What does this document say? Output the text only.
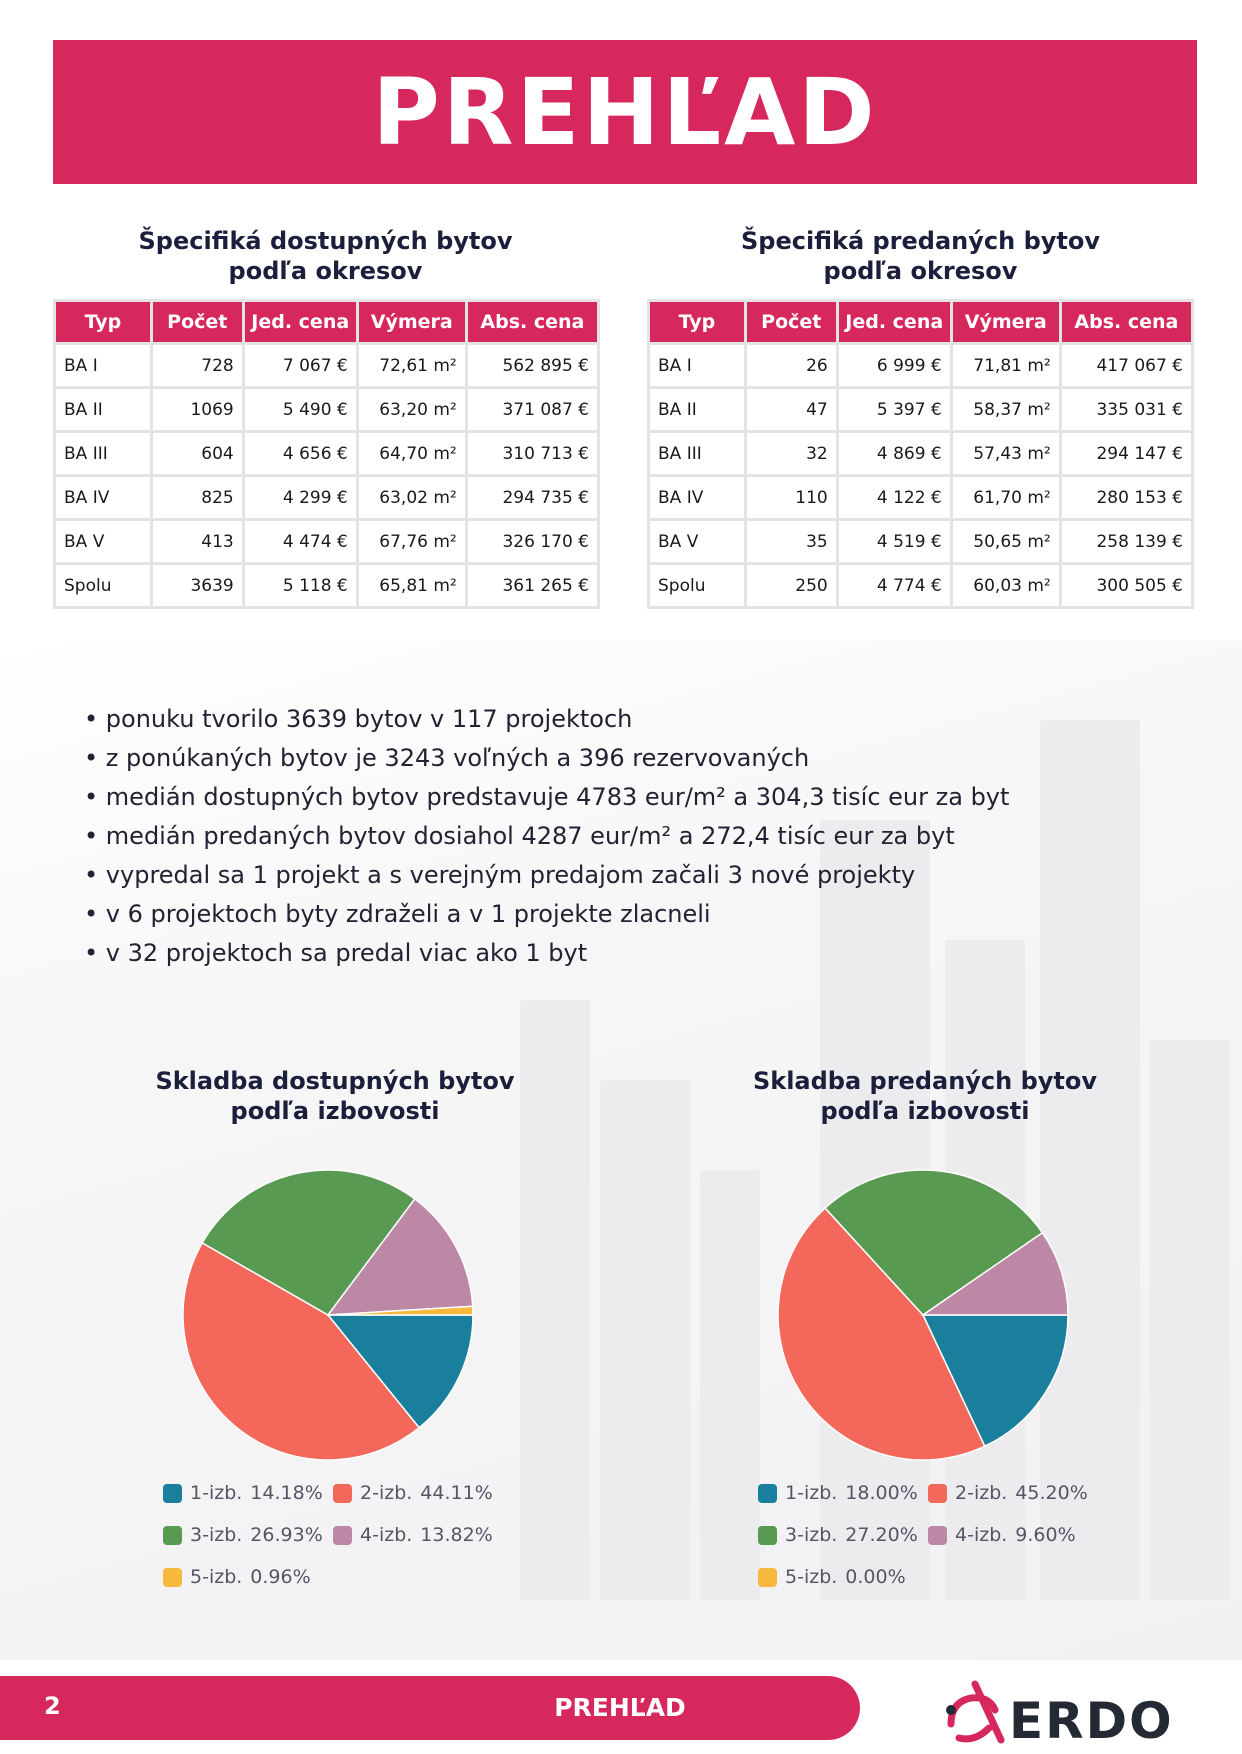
PREHĽAD
Špecifiká dostupných bytov
podľa okresov
Typ	Počet	Jed. cena	Výmera	Abs. cena
BA I	728	7 067 €	72,61 m²	562 895 €
BA II	1069	5 490 €	63,20 m²	371 087 €
BA III	604	4 656 €	64,70 m²	310 713 €
BA IV	825	4 299 €	63,02 m²	294 735 €
BA V	413	4 474 €	67,76 m²	326 170 €
Spolu	3639	5 118 €	65,81 m²	361 265 €
Špecifiká predaných bytov
podľa okresov
Typ	Počet	Jed. cena	Výmera	Abs. cena
BA I	26	6 999 €	71,81 m²	417 067 €
BA II	47	5 397 €	58,37 m²	335 031 €
BA III	32	4 869 €	57,43 m²	294 147 €
BA IV	110	4 122 €	61,70 m²	280 153 €
BA V	35	4 519 €	50,65 m²	258 139 €
Spolu	250	4 774 €	60,03 m²	300 505 €
• ponuku tvorilo 3639 bytov v 117 projektoch
• z ponúkaných bytov je 3243 voľných a 396 rezervovaných
• medián dostupných bytov predstavuje 4783 eur/m² a 304,3 tisíc eur za byt
• medián predaných bytov dosiahol 4287 eur/m² a 272,4 tisíc eur za byt
• vypredal sa 1 projekt a s verejným predajom začali 3 nové projekty
• v 6 projektoch byty zdraželi a v 1 projekte zlacneli
• v 32 projektoch sa predal viac ako 1 byt
Skladba dostupných bytov
podľa izbovosti
1-izb. 14.18% 2-izb. 44.11%
3-izb. 26.93% 4-izb. 13.82%
5-izb. 0.96%
Skladba predaných bytov
podľa izbovosti
1-izb. 18.00% 2-izb. 45.20%
3-izb. 27.20% 4-izb. 9.60%
5-izb. 0.00%
2	PREHĽAD	ERDO
